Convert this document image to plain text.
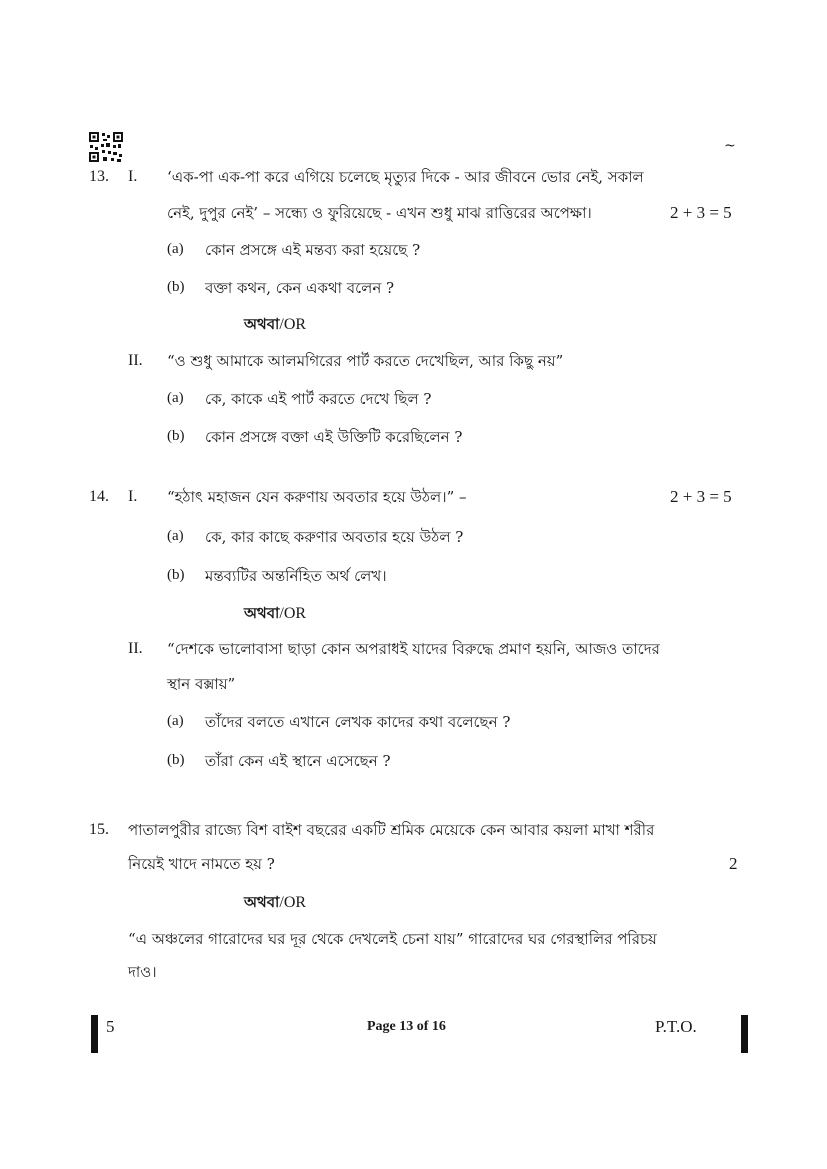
~
13. I. ‘এক-পা এক-পা করে এগিয়ে চলেছে মৃত্যুর দিকে - আর জীবনে ভোর নেই, সকাল
নেই, দুপুর নেই’ – সন্ধ্যে ও ফুরিয়েছে - এখন শুধু মাঝ রাত্তিরের অপেক্ষা।	2 + 3 = 5
(a) কোন প্রসঙ্গে এই মন্তব্য করা হয়েছে ?
(b) বক্তা কথন, কেন একথা বলেন ?
অথবা/OR
II. “ও শুধু আমাকে আলমগিরের পার্ট করতে দেখেছিল, আর কিছু নয়”
(a) কে, কাকে এই পার্ট করতে দেখে ছিল ?
(b) কোন প্রসঙ্গে বক্তা এই উক্তিটি করেছিলেন ?
14. I. “হঠাৎ মহাজন যেন করুণায় অবতার হয়ে উঠল।” –	2 + 3 = 5
(a) কে, কার কাছে করুণার অবতার হয়ে উঠল ?
(b) মন্তব্যটির অন্তর্নিহিত অর্থ লেখ।
অথবা/OR
II. “দেশকে ভালোবাসা ছাড়া কোন অপরাধই যাদের বিরুদ্ধে প্রমাণ হয়নি, আজও তাদের
স্থান বক্সায়”
(a) তাঁদের বলতে এখানে লেখক কাদের কথা বলেছেন ?
(b) তাঁরা কেন এই স্থানে এসেছেন ?
15. পাতালপুরীর রাজ্যে বিশ বাইশ বছরের একটি শ্রমিক মেয়েকে কেন আবার কয়লা মাখা শরীর
নিয়েই খাদে নামতে হয় ?	2
অথবা/OR
“এ অঞ্চলের গারোদের ঘর দূর থেকে দেখলেই চেনা যায়” গারোদের ঘর গেরস্থালির পরিচয়
দাও।
5	Page 13 of 16	P.T.O.
